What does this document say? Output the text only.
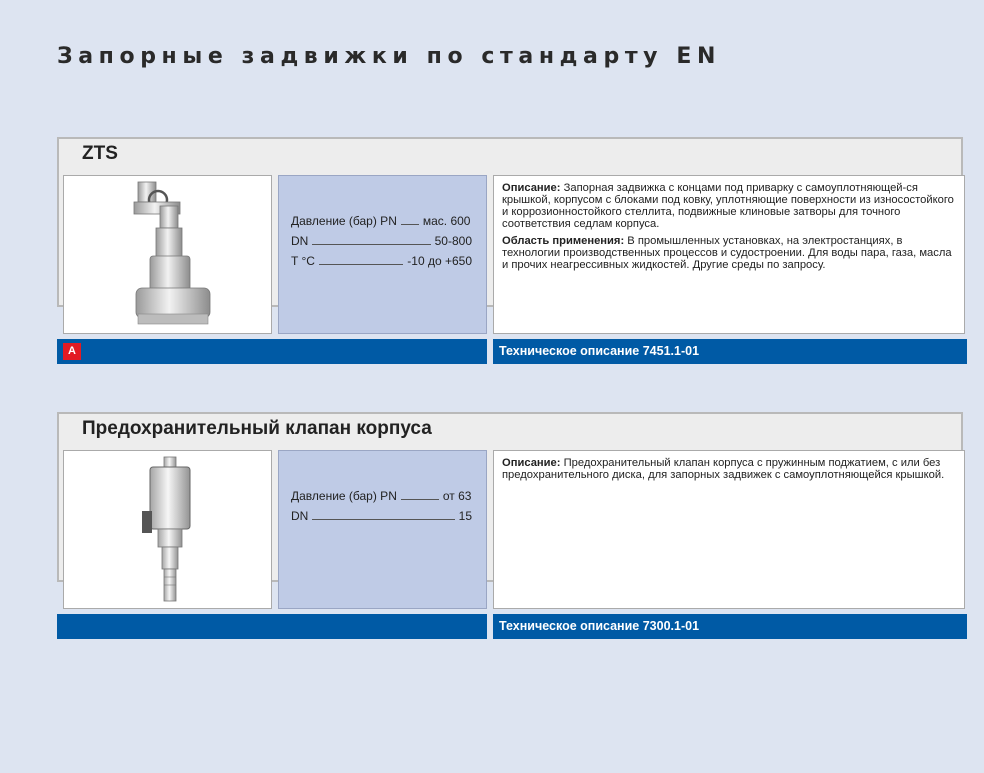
Запорные задвижки по стандарту EN
ZTS
Давление (бар) PN мас. 600
DN	50-800
T °C	-10 до +650

Описание: Запорная задвижка с концами под приварку с самоуплотняющей-ся крышкой, корпусом с блоками под ковку, уплотняющие поверхности из износостойкого и коррозионностойкого стеллита, подвижные клиновые затворы для точного соответствия седлам корпуса.

Область применения: В промышленных установках, на электростанциях, в технологии производственных процессов и судостроении. Для воды пара, газа, масла и прочих неагрессивных жидкостей. Другие среды по запросу.

A	Техническое описание 7451.1-01
Предохранительный клапан корпуса
Давление (бар) PN	от 63
DN	15

Описание: Предохранительный клапан корпуса с пружинным поджатием, с или без предохранительного диска, для запорных задвижек с самоуплотняющейся крышкой.

Техническое описание 7300.1-01
